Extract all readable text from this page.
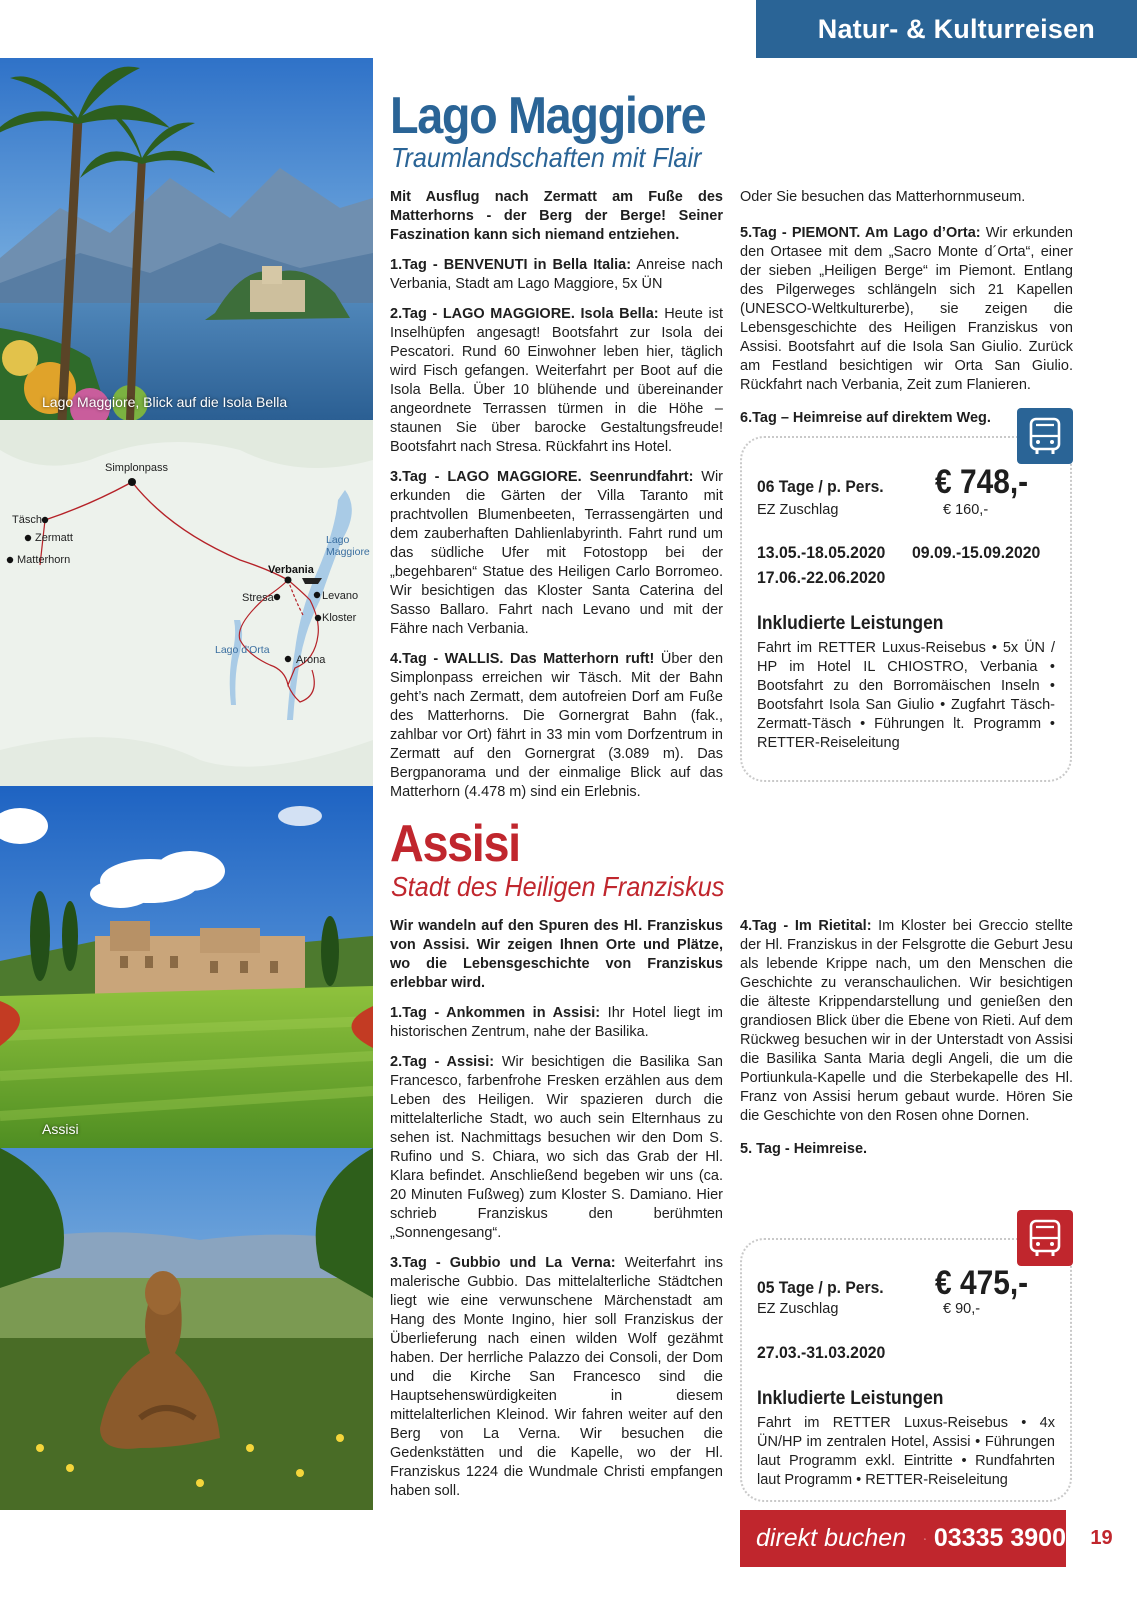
Natur- & Kulturreisen
Lago Maggiore, Blick auf die Isola Bella
Simplonpass
Täsch
Zermatt
Matterhorn
Lago
Maggiore
Verbania
Stresa	Levano
Kloster
Lago d'Orta
Arona
Lago Maggiore
Traumlandschaften mit Flair

Mit Ausflug nach Zermatt am Fuße des Matterhorns - der Berg der Berge! Seiner Faszination kann sich niemand entziehen.

1.Tag - BENVENUTI in Bella Italia: Anreise nach Verbania, Stadt am Lago Maggiore, 5x ÜN

2.Tag - LAGO MAGGIORE. Isola Bella: Heute ist Inselhüpfen angesagt! Bootsfahrt zur Isola dei Pescatori. Rund 60 Einwohner leben hier, täglich wird Fisch gefangen. Weiterfahrt per Boot auf die Isola Bella. Über 10 blühende und übereinander angeordnete Terrassen türmen in die Höhe – staunen Sie über barocke Gestaltungsfreude! Bootsfahrt nach Stresa. Rückfahrt ins Hotel.

3.Tag - LAGO MAGGIORE. Seenrundfahrt: Wir erkunden die Gärten der Villa Taranto mit prachtvollen Blumenbeeten, Terrassengärten und dem zauberhaften Dahlienlabyrinth. Fahrt rund um das südliche Ufer mit Fotostopp bei der „begehbaren“ Statue des Heiligen Carlo Borromeo. Wir besichtigen das Kloster Santa Caterina del Sasso Ballaro. Fahrt nach Levano und mit der Fähre nach Verbania.

4.Tag - WALLIS. Das Matterhorn ruft! Über den Simplonpass erreichen wir Täsch. Mit der Bahn geht’s nach Zermatt, dem autofreien Dorf am Fuße des Matterhorns. Die Gornergrat Bahn (fak., zahlbar vor Ort) fährt in 33 min vom Dorfzentrum in Zermatt auf den Gornergrat (3.089 m). Das Bergpanorama und der einmalige Blick auf das Matterhorn (4.478 m) sind ein Erlebnis.

Oder Sie besuchen das Matterhornmuseum.

5.Tag - PIEMONT. Am Lago d’Orta: Wir erkunden den Ortasee mit dem „Sacro Monte d´Orta“, einer der sieben „Heiligen Berge“ im Piemont. Entlang des Pilgerweges schlängeln sich 21 Kapellen (UNESCO-Weltkulturerbe), sie zeigen die Lebensgeschichte des Heiligen Franziskus von Assisi. Bootsfahrt auf die Isola San Giulio. Zurück am Festland besichtigen wir Orta San Giulio. Rückfahrt nach Verbania, Zeit zum Flanieren.

6.Tag – Heimreise auf direktem Weg.

06 Tage / p. Pers. € 748,-
EZ Zuschlag	€ 160,-
13.05.-18.05.2020 09.09.-15.09.2020
17.06.-22.06.2020
Inkludierte Leistungen
Fahrt im RETTER Luxus-Reisebus • 5x ÜN / HP im Hotel IL CHIOSTRO, Verbania • Bootsfahrt zu den Borromäischen Inseln • Bootsfahrt Isola San Giulio • Zugfahrt Täsch-Zermatt-Täsch • Führungen lt. Programm • RETTER-Reiseleitung
Assisi
Assisi
Stadt des Heiligen Franziskus

Wir wandeln auf den Spuren des Hl. Franziskus von Assisi. Wir zeigen Ihnen Orte und Plätze, wo die Lebensgeschichte von Franziskus erlebbar wird.

1.Tag - Ankommen in Assisi: Ihr Hotel liegt im historischen Zentrum, nahe der Basilika.

2.Tag - Assisi: Wir besichtigen die Basilika San Francesco, farbenfrohe Fresken erzählen aus dem Leben des Heiligen. Wir spazieren durch die mittelalterliche Stadt, wo auch sein Elternhaus zu sehen ist. Nachmittags besuchen wir den Dom S. Rufino und S. Chiara, wo sich das Grab der Hl. Klara befindet. Anschließend begeben wir uns (ca. 20 Minuten Fußweg) zum Kloster S. Damiano. Hier schrieb Franziskus den berühmten „Sonnengesang“.

3.Tag - Gubbio und La Verna: Weiterfahrt ins malerische Gubbio. Das mittelalterliche Städtchen liegt wie eine verwunschene Märchenstadt am Hang des Monte Ingino, hier soll Franziskus der Überlieferung nach einen wilden Wolf gezähmt haben. Der herrliche Palazzo dei Consoli, der Dom und die Kirche San Francesco sind die Hauptsehenswürdigkeiten in diesem mittelalterlichen Kleinod. Wir fahren weiter auf den Berg von La Verna. Wir besuchen die Gedenkstätten und die Kapelle, wo der Hl. Franziskus 1224 die Wundmale Christi empfangen haben soll.

4.Tag - Im Rietital: Im Kloster bei Greccio stellte der Hl. Franziskus in der Felsgrotte die Geburt Jesu als lebende Krippe nach, um den Menschen die Geschichte zu veranschaulichen. Wir besichtigen die älteste Krippendarstellung und genießen den grandiosen Blick über die Ebene von Rieti. Auf dem Rückweg besuchen wir in der Unterstadt von Assisi die Basilika Santa Maria degli Angeli, die um die Portiunkula-Kapelle und die Sterbekapelle des Hl. Franz von Assisi herum gebaut wurde. Hören Sie die Geschichte von den Rosen ohne Dornen.

5. Tag - Heimreise.

05 Tage / p. Pers. € 475,-
EZ Zuschlag	€ 90,-
27.03.-31.03.2020
Inkludierte Leistungen
Fahrt im RETTER Luxus-Reisebus • 4x ÜN/HP im zentralen Hotel, Assisi • Führungen laut Programm exkl. Eintritte • Rundfahrten laut Programm • RETTER-Reiseleitung
direkt buchen 03335 3900	19
